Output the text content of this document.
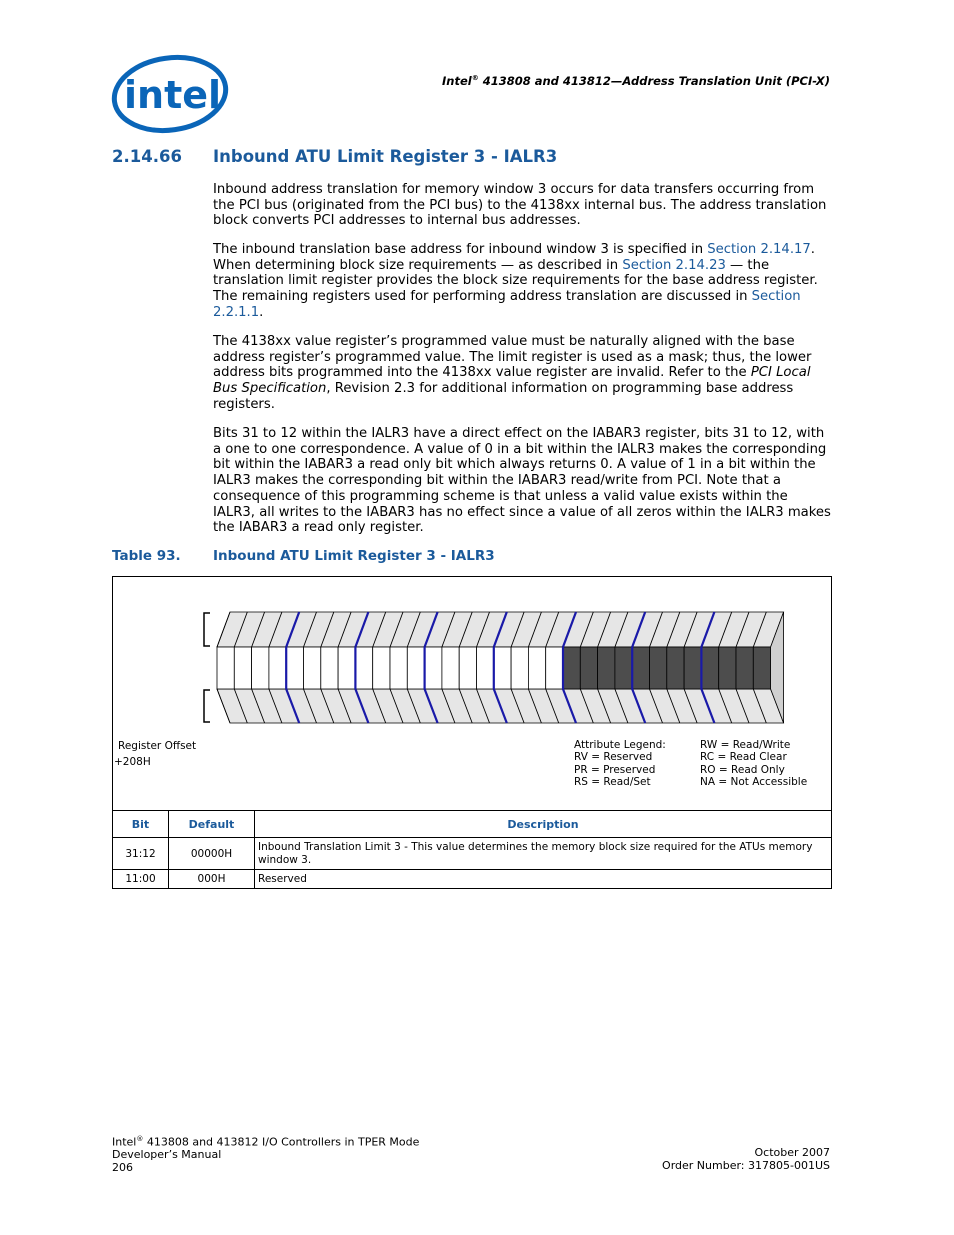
intel	Intel® 413808 and 413812—Address Translation Unit (PCI-X)
2.14.66 Inbound ATU Limit Register 3 - IALR3
Inbound address translation for memory window 3 occurs for data transfers occurring from the PCI bus (originated from the PCI bus) to the 4138xx internal bus. The address translation block converts PCI addresses to internal bus addresses.
The inbound translation base address for inbound window 3 is specified in Section 2.14.17. When determining block size requirements — as described in Section 2.14.23 — the translation limit register provides the block size requirements for the base address register. The remaining registers used for performing address translation are discussed in Section 2.2.1.1.
The 4138xx value register’s programmed value must be naturally aligned with the base address register’s programmed value. The limit register is used as a mask; thus, the lower address bits programmed into the 4138xx value register are invalid. Refer to the PCI Local Bus Specification, Revision 2.3 for additional information on programming base address registers.
Bits 31 to 12 within the IALR3 have a direct effect on the IABAR3 register, bits 31 to 12, with a one to one correspondence. A value of 0 in a bit within the IALR3 makes the corresponding bit within the IABAR3 a read only bit which always returns 0. A value of 1 in a bit within the IALR3 makes the corresponding bit within the IABAR3 read/write from PCI. Note that a consequence of this programming scheme is that unless a valid value exists within the IALR3, all writes to the IABAR3 has no effect since a value of all zeros within the IALR3 makes the IABAR3 a read only register.
Table 93. Inbound ATU Limit Register 3 - IALR3
Register Offset
+208H
Attribute Legend:
RV = Reserved
PR = Preserved
RS = Read/Set
RW = Read/Write
RC = Read Clear
RO = Read Only
NA = Not Accessible
Bit	Default	Description
31:12	00000H	Inbound Translation Limit 3 - This value determines the memory block size required for the ATUs memory window 3.
11:00	000H	Reserved
Intel® 413808 and 413812 I/O Controllers in TPER Mode
Developer’s Manual
206
October 2007
Order Number: 317805-001US
